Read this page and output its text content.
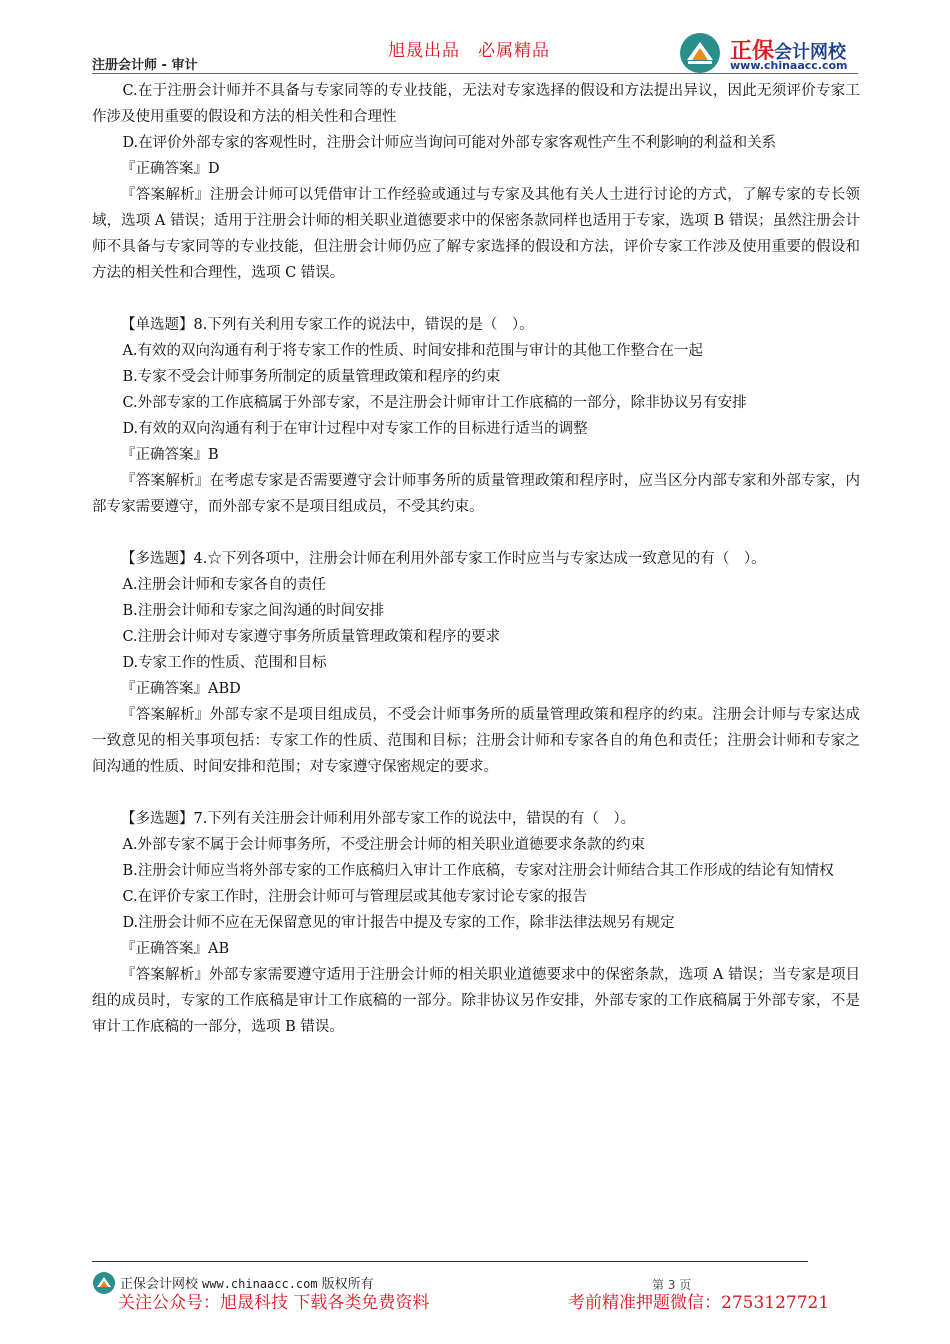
注册会计师 - 审计
旭晟出品 必属精品	正保会计网校
www.chinaacc.com

C.在于注册会计师并不具备与专家同等的专业技能，无法对专家选择的假设和方法提出异议，因此无须评价专家工作涉及使用重要的假设和方法的相关性和合理性

D.在评价外部专家的客观性时，注册会计师应当询问可能对外部专家客观性产生不利影响的利益和关系

『正确答案』D

『答案解析』注册会计师可以凭借审计工作经验或通过与专家及其他有关人士进行讨论的方式，了解专家的专长领域，选项 A 错误；适用于注册会计师的相关职业道德要求中的保密条款同样也适用于专家，选项 B 错误；虽然注册会计师不具备与专家同等的专业技能，但注册会计师仍应了解专家选择的假设和方法，评价专家工作涉及使用重要的假设和方法的相关性和合理性，选项 C 错误。

【单选题】8.下列有关利用专家工作的说法中，错误的是（　）。

A.有效的双向沟通有利于将专家工作的性质、时间安排和范围与审计的其他工作整合在一起

B.专家不受会计师事务所制定的质量管理政策和程序的约束

C.外部专家的工作底稿属于外部专家，不是注册会计师审计工作底稿的一部分，除非协议另有安排

D.有效的双向沟通有利于在审计过程中对专家工作的目标进行适当的调整

『正确答案』B

『答案解析』在考虑专家是否需要遵守会计师事务所的质量管理政策和程序时，应当区分内部专家和外部专家，内部专家需要遵守，而外部专家不是项目组成员，不受其约束。

【多选题】4.☆下列各项中，注册会计师在利用外部专家工作时应当与专家达成一致意见的有（　）。

A.注册会计师和专家各自的责任

B.注册会计师和专家之间沟通的时间安排

C.注册会计师对专家遵守事务所质量管理政策和程序的要求

D.专家工作的性质、范围和目标

『正确答案』ABD

『答案解析』外部专家不是项目组成员，不受会计师事务所的质量管理政策和程序的约束。注册会计师与专家达成一致意见的相关事项包括：专家工作的性质、范围和目标；注册会计师和专家各自的角色和责任；注册会计师和专家之间沟通的性质、时间安排和范围；对专家遵守保密规定的要求。

【多选题】7.下列有关注册会计师利用外部专家工作的说法中，错误的有（　）。

A.外部专家不属于会计师事务所，不受注册会计师的相关职业道德要求条款的约束

B.注册会计师应当将外部专家的工作底稿归入审计工作底稿，专家对注册会计师结合其工作形成的结论有知情权

C.在评价专家工作时，注册会计师可与管理层或其他专家讨论专家的报告

D.注册会计师不应在无保留意见的审计报告中提及专家的工作，除非法律法规另有规定

『正确答案』AB

『答案解析』外部专家需要遵守适用于注册会计师的相关职业道德要求中的保密条款，选项 A 错误；当专家是项目组的成员时，专家的工作底稿是审计工作底稿的一部分。除非协议另作安排，外部专家的工作底稿属于外部专家，不是审计工作底稿的一部分，选项 B 错误。

正保会计网校 www.chinaacc.com 版权所有	第 3 页
关注公众号：旭晟科技 下载各类免费资料	考前精准押题微信：2753127721
